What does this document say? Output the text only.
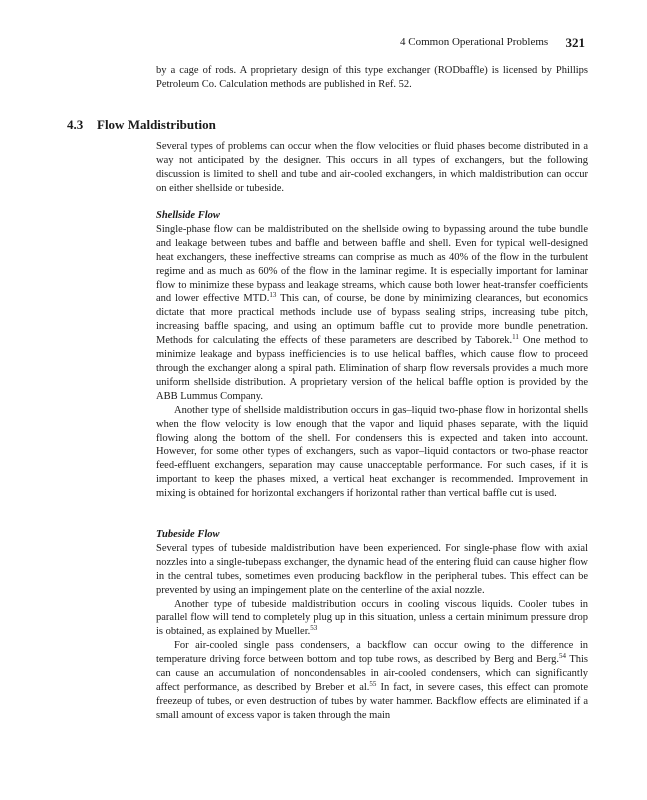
4 Common Operational Problems 321

by a cage of rods. A proprietary design of this type exchanger (RODbaffle) is licensed by Phillips Petroleum Co. Calculation methods are published in Ref. 52.

4.3 Flow Maldistribution

Several types of problems can occur when the flow velocities or fluid phases become distributed in a way not anticipated by the designer. This occurs in all types of exchangers, but the following discussion is limited to shell and tube and air-cooled exchangers, in which maldistribution can occur on either shellside or tubeside.

Shellside Flow

Single-phase flow can be maldistributed on the shellside owing to bypassing around the tube bundle and leakage between tubes and baffle and between baffle and shell. Even for typical well-designed heat exchangers, these ineffective streams can comprise as much as 40% of the flow in the turbulent regime and as much as 60% of the flow in the laminar regime. It is especially important for laminar flow to minimize these bypass and leakage streams, which cause both lower heat-transfer coefficients and lower effective MTD.$^{13}$ This can, of course, be done by minimizing clearances, but economics dictate that more practical methods include use of bypass sealing strips, increasing tube pitch, increasing baffle spacing, and using an optimum baffle cut to provide more bundle penetration. Methods for calculating the effects of these parameters are described by Taborek.$^{11}$ One method to minimize leakage and bypass inefficiencies is to use helical baffles, which cause flow to proceed through the exchanger along a spiral path. Elimination of sharp flow reversals provides a much more uniform shellside distribution. A proprietary version of the helical baffle option is provided by the ABB Lummus Company.

Another type of shellside maldistribution occurs in gas–liquid two-phase flow in horizontal shells when the flow velocity is low enough that the vapor and liquid phases separate, with the liquid flowing along the bottom of the shell. For condensers this is expected and taken into account. However, for some other types of exchangers, such as vapor–liquid contactors or two-phase reactor feed-effluent exchangers, separation may cause unacceptable performance. For such cases, if it is important to keep the phases mixed, a vertical heat exchanger is recommended. Improvement in mixing is obtained for horizontal exchangers if horizontal rather than vertical baffle cut is used.

Tubeside Flow

Several types of tubeside maldistribution have been experienced. For single-phase flow with axial nozzles into a single-tubepass exchanger, the dynamic head of the entering fluid can cause higher flow in the central tubes, sometimes even producing backflow in the peripheral tubes. This effect can be prevented by using an impingement plate on the centerline of the axial nozzle.

Another type of tubeside maldistribution occurs in cooling viscous liquids. Cooler tubes in parallel flow will tend to completely plug up in this situation, unless a certain minimum pressure drop is obtained, as explained by Mueller.$^{53}$

For air-cooled single pass condensers, a backflow can occur owing to the difference in temperature driving force between bottom and top tube rows, as described by Berg and Berg.$^{54}$ This can cause an accumulation of noncondensables in air-cooled condensers, which can significantly affect performance, as described by Breber et al.$^{55}$ In fact, in severe cases, this effect can promote freezeup of tubes, or even destruction of tubes by water hammer. Backflow effects are eliminated if a small amount of excess vapor is taken through the main
